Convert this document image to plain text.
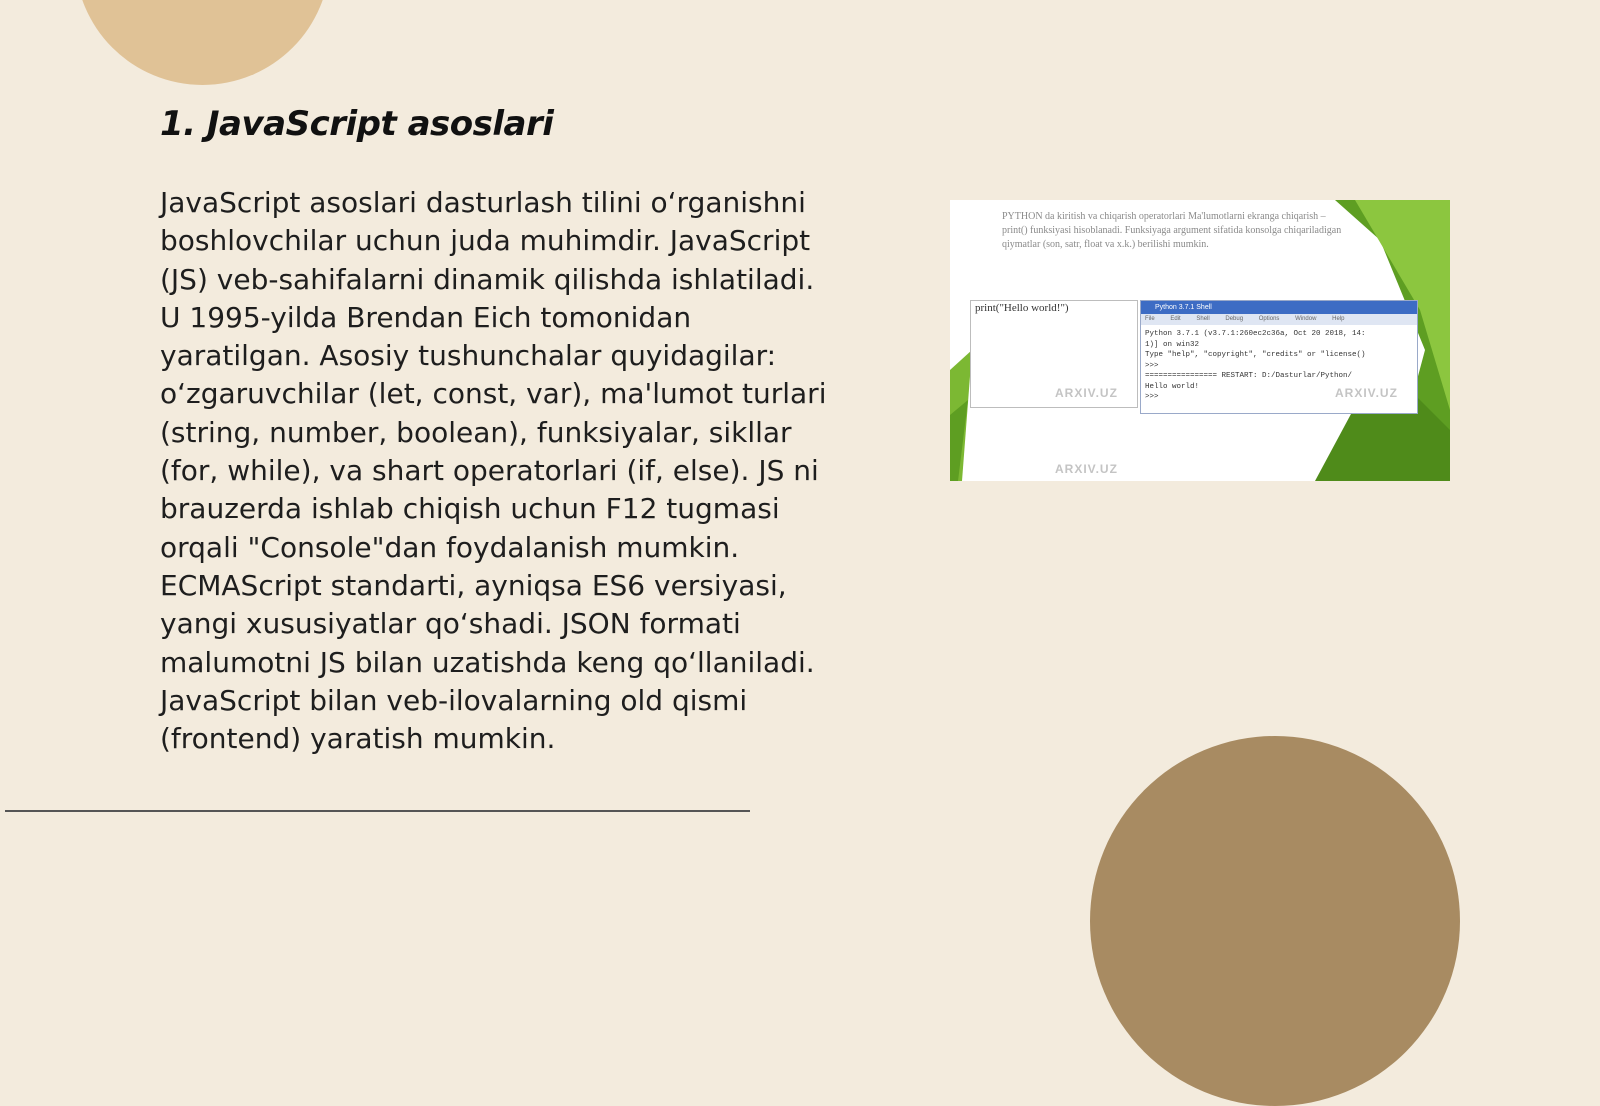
1. JavaScript asoslari

JavaScript asoslari dasturlash tilini o‘rganishni boshlovchilar uchun juda muhimdir. JavaScript (JS) veb-sahifalarni dinamik qilishda ishlatiladi. U 1995-yilda Brendan Eich tomonidan yaratilgan. Asosiy tushunchalar quyidagilar: o‘zgaruvchilar (let, const, var), ma'lumot turlari (string, number, boolean), funksiyalar, sikllar (for, while), va shart operatorlari (if, else). JS ni brauzerda ishlab chiqish uchun F12 tugmasi orqali "Console"dan foydalanish mumkin. ECMAScript standarti, ayniqsa ES6 versiyasi, yangi xususiyatlar qo‘shadi. JSON formati malumotni JS bilan uzatishda keng qo‘llaniladi. JavaScript bilan veb-ilovalarning old qismi (frontend) yaratish mumkin.

PYTHON da kiritish va chiqarish operatorlari Ma'lumotlarni ekranga chiqarish – print() funksiyasi hisoblanadi. Funksiyaga argument sifatida konsolga chiqariladigan qiymatlar (son, satr, float va x.k.) berilishi mumkin.
print("Hello world!")	Python 3.7.1 Shell
File	Edit	Shell	Debug	Options	Window	Help
Python 3.7.1 (v3.7.1:260ec2c36a, Oct 20 2018, 14:
1)] on win32
Type "help", "copyright", "credits" or "license()
>>>
================ RESTART: D:/Dasturlar/Python/
Hello world!
>>>
ARXIV.UZ
ARXIV.UZ
ARXIV.UZ
